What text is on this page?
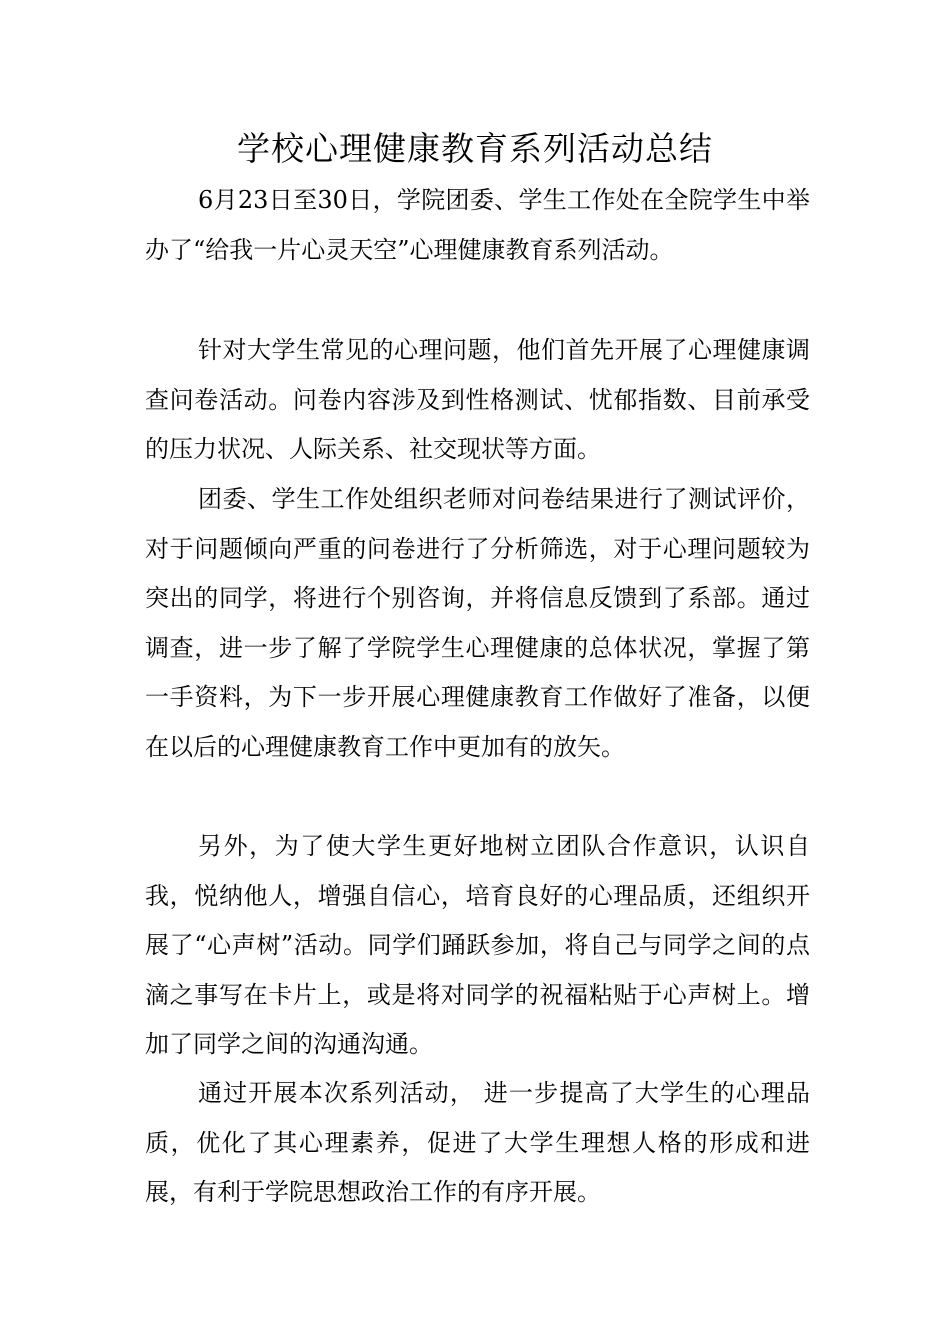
学校心理健康教育系列活动总结

6月23日至30日，学院团委、学生工作处在全院学生中举办了“给我一片心灵天空”心理健康教育系列活动。

针对大学生常见的心理问题，他们首先开展了心理健康调查问卷活动。问卷内容涉及到性格测试、忧郁指数、目前承受的压力状况、人际关系、社交现状等方面。

团委、学生工作处组织老师对问卷结果进行了测试评价，对于问题倾向严重的问卷进行了分析筛选，对于心理问题较为突出的同学，将进行个别咨询，并将信息反馈到了系部。通过调查，进一步了解了学院学生心理健康的总体状况，掌握了第一手资料，为下一步开展心理健康教育工作做好了准备，以便在以后的心理健康教育工作中更加有的放矢。

另外，为了使大学生更好地树立团队合作意识，认识自我，悦纳他人，增强自信心，培育良好的心理品质，还组织开展了“心声树”活动。同学们踊跃参加，将自己与同学之间的点滴之事写在卡片上，或是将对同学的祝福粘贴于心声树上。增加了同学之间的沟通沟通。

通过开展本次系列活动， 进一步提高了大学生的心理品质，优化了其心理素养，促进了大学生理想人格的形成和进展，有利于学院思想政治工作的有序开展。
